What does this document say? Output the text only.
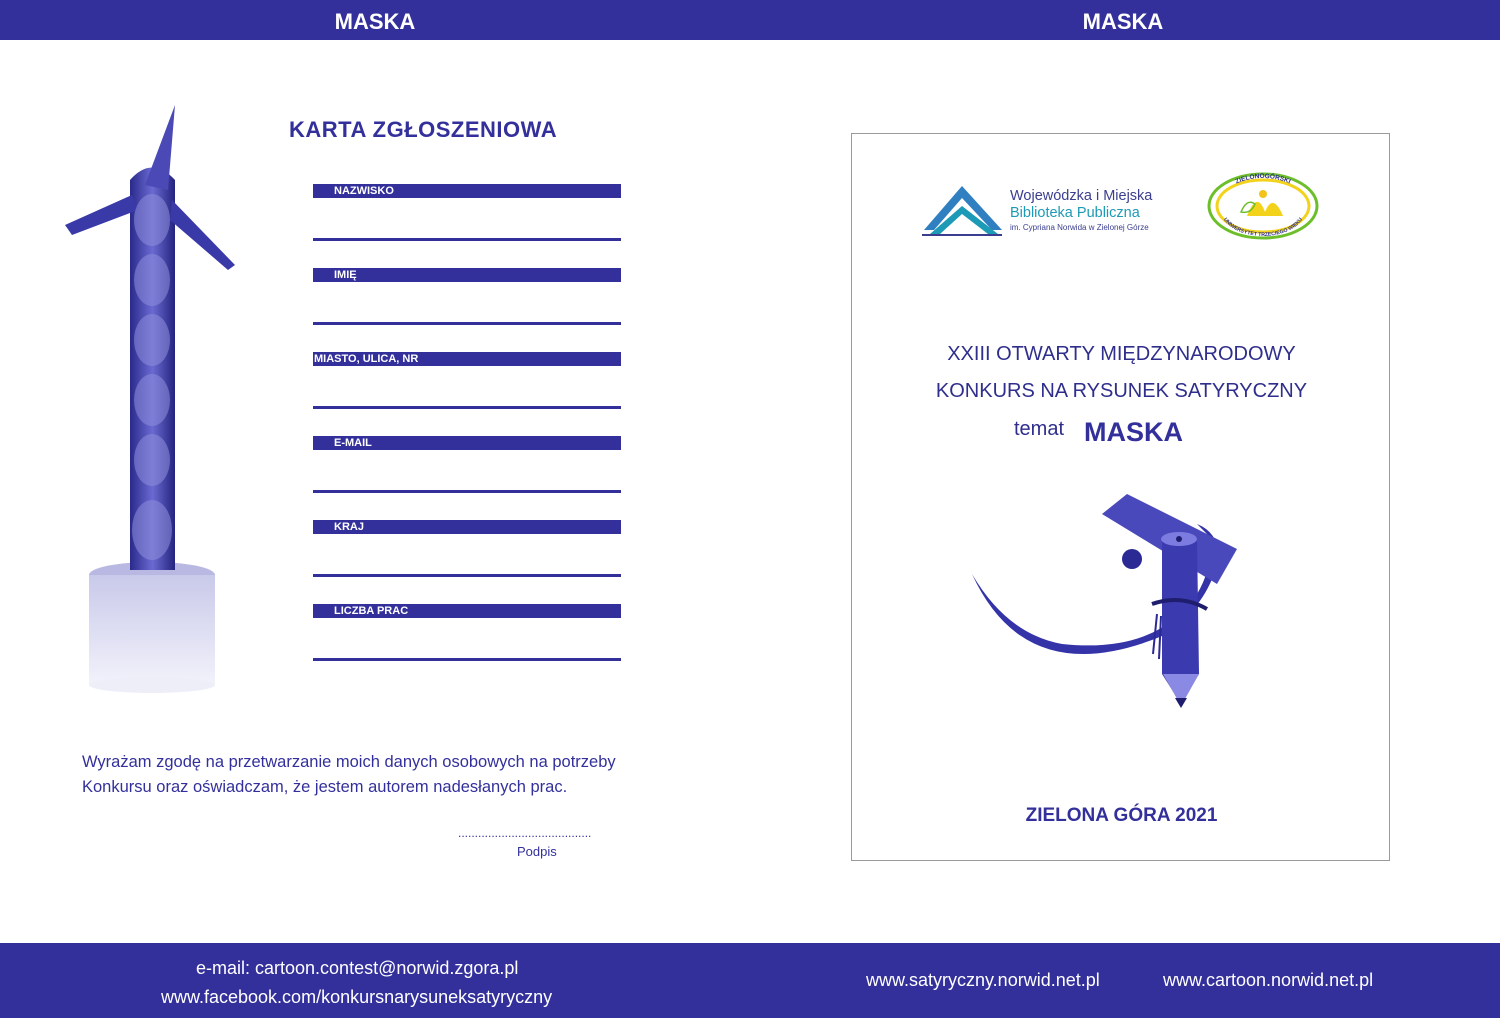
MASKA	MASKA
KARTA ZGŁOSZENIOWA
NAZWISKO
IMIĘ
MIASTO, ULICA, NR
E-MAIL
KRAJ
LICZBA PRAC
Wyrażam zgodę na przetwarzanie moich danych osobowych na potrzeby
Konkursu oraz oświadczam, że jestem autorem nadesłanych prac.
........................................
Podpis
Wojewódzka i Miejska
Biblioteka Publiczna
im. Cypriana Norwida w Zielonej Górze
ZIELONOGÓRSKI
UNIWERSYTET TRZECIEGO WIEKU
XXIII OTWARTY MIĘDZYNARODOWY
KONKURS NA RYSUNEK SATYRYCZNY
temat MASKA
ZIELONA GÓRA 2021
e-mail: cartoon.contest@norwid.zgora.pl
www.facebook.com/konkursnarysuneksatyryczny
www.satyryczny.norwid.net.pl	www.cartoon.norwid.net.pl
